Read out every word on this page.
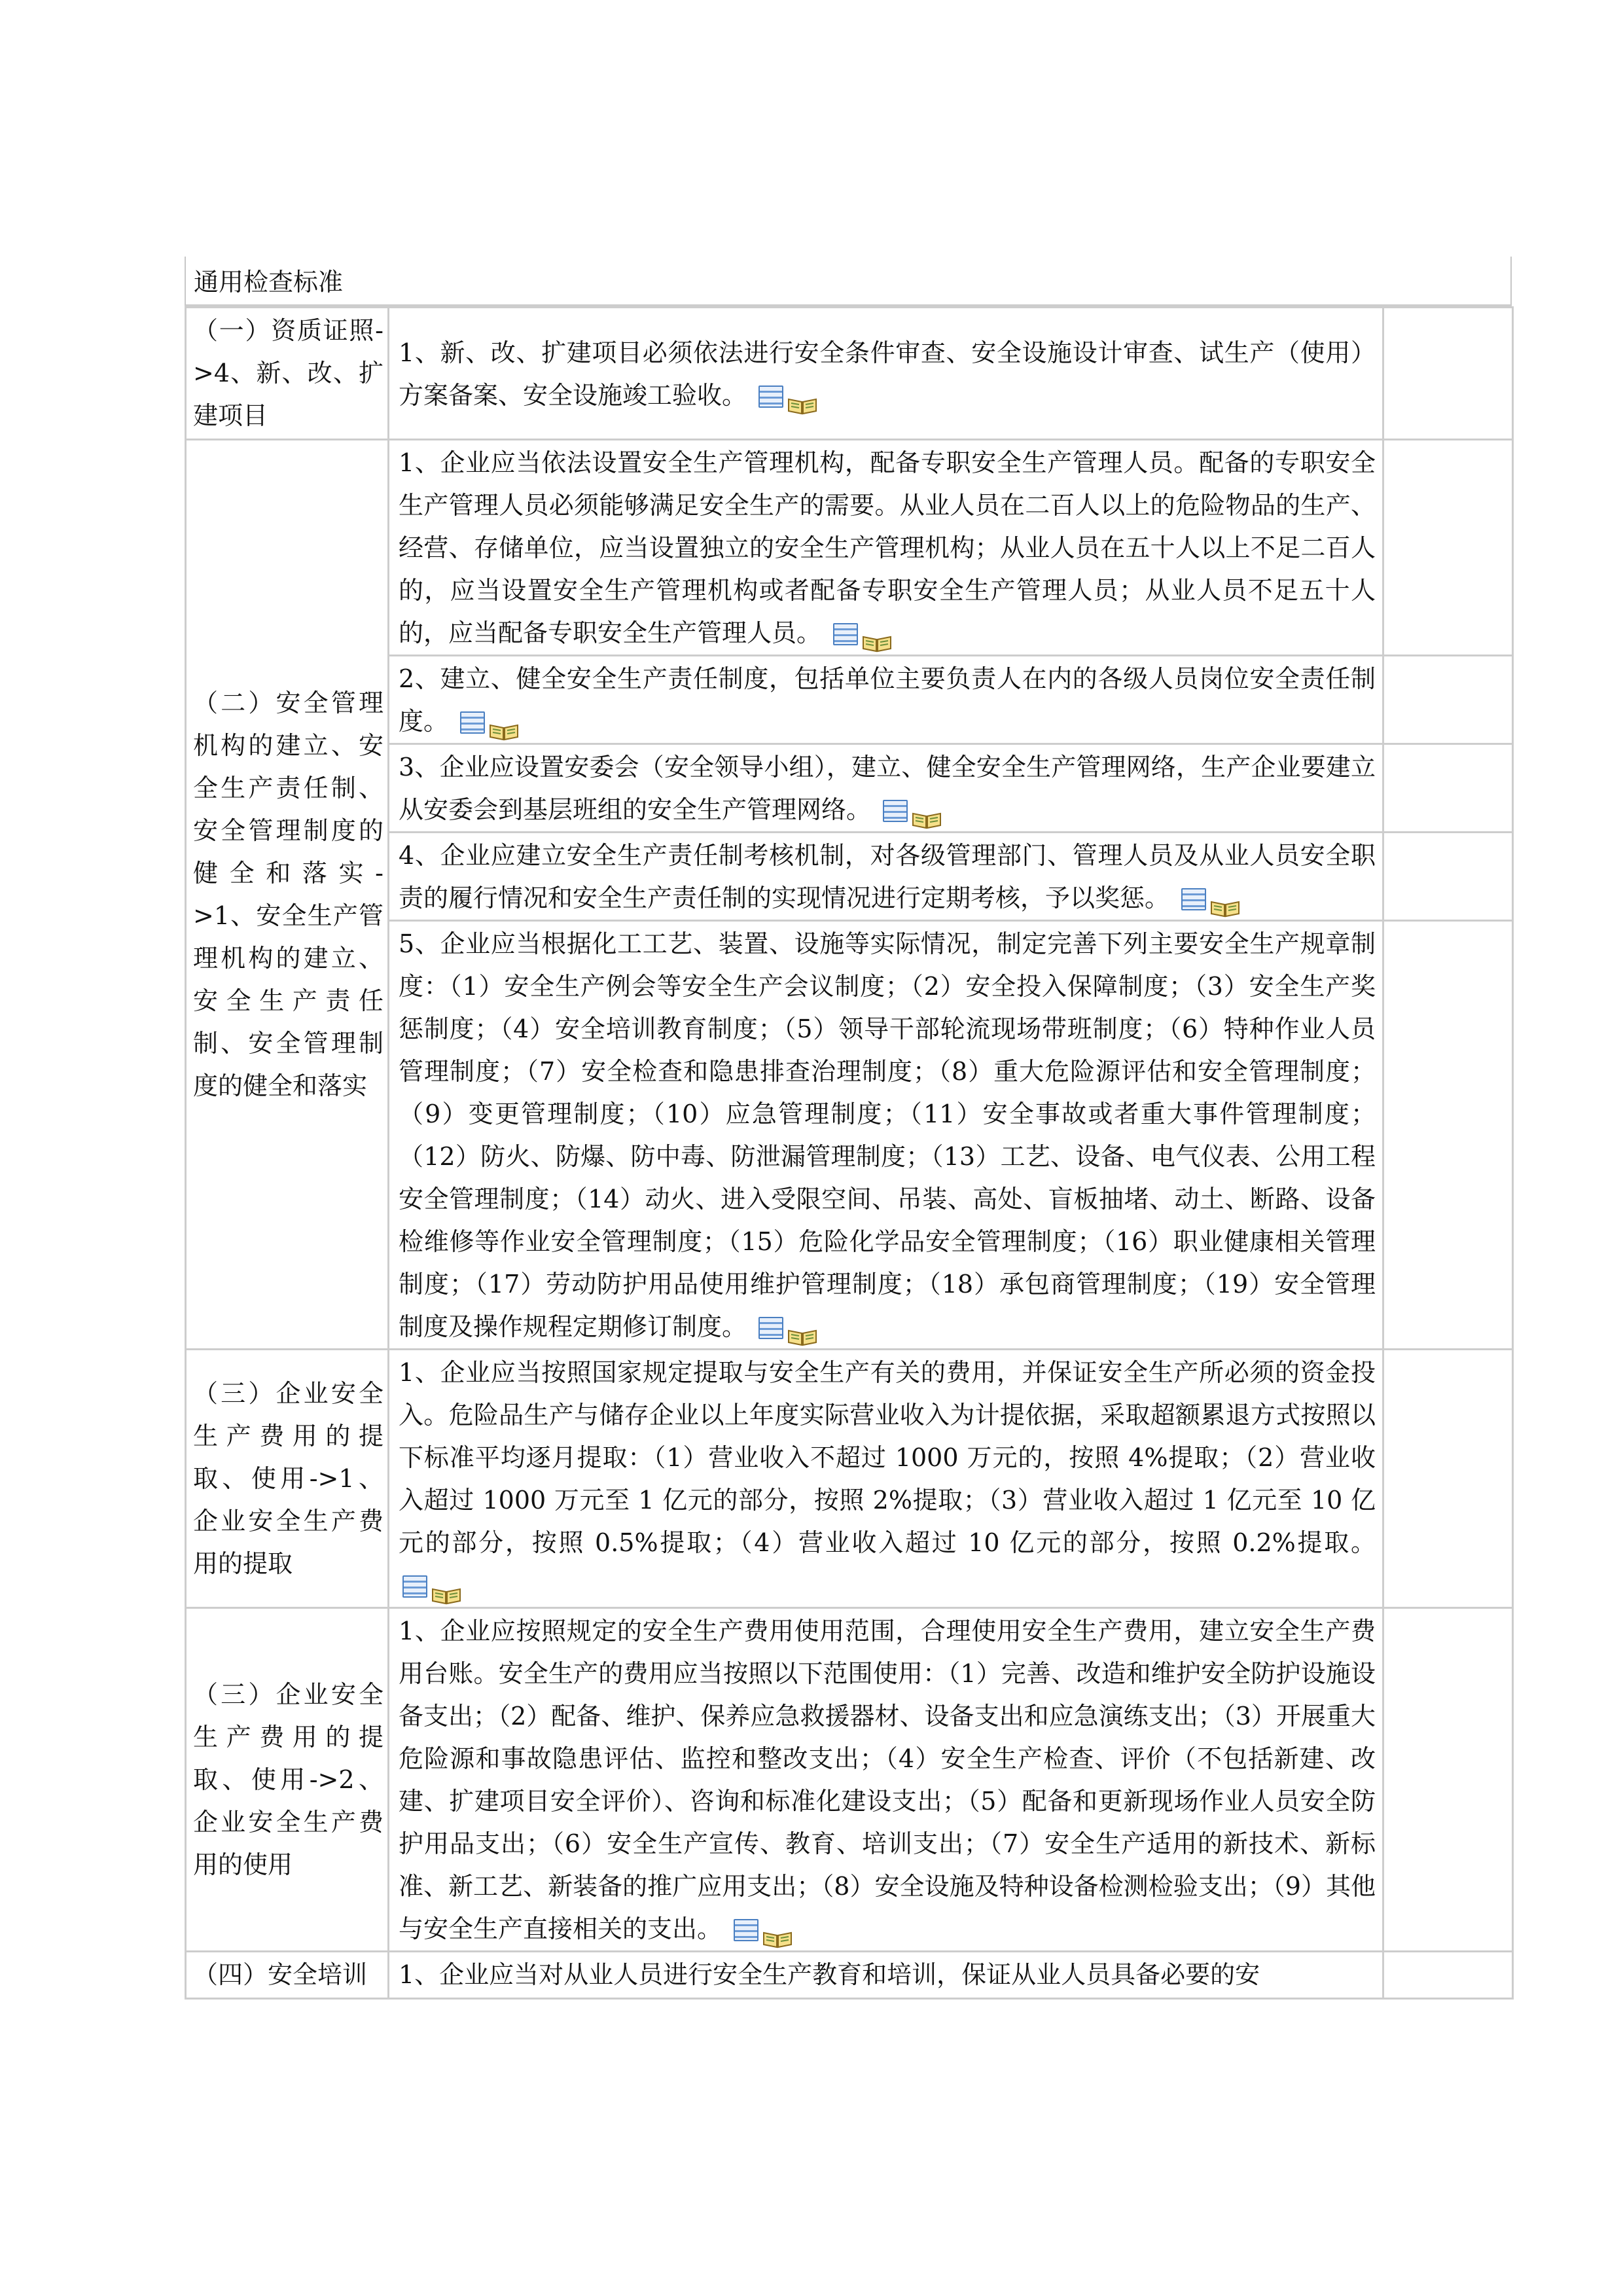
通用检查标准
（一）资质证照->4、新、改、扩建项目	1、新、改、扩建项目必须依法进行安全条件审查、安全设施设计审查、试生产（使用）方案备案、安全设施竣工验收。

（二）安全管理机构的建立、安全生产责任制、安全管理制度的健全和落实->1、安全生产管理机构的建立、安全生产责任制、安全管理制度的健全和落实	1、企业应当依法设置安全生产管理机构，配备专职安全生产管理人员。配备的专职安全生产管理人员必须能够满足安全生产的需要。从业人员在二百人以上的危险物品的生产、经营、存储单位，应当设置独立的安全生产管理机构；从业人员在五十人以上不足二百人的，应当设置安全生产管理机构或者配备专职安全生产管理人员；从业人员不足五十人的，应当配备专职安全生产管理人员。

	2、建立、健全安全生产责任制度，包括单位主要负责人在内的各级人员岗位安全责任制度。

	3、企业应设置安委会（安全领导小组），建立、健全安全生产管理网络，生产企业要建立从安委会到基层班组的安全生产管理网络。

	4、企业应建立安全生产责任制考核机制，对各级管理部门、管理人员及从业人员安全职责的履行情况和安全生产责任制的实现情况进行定期考核，予以奖惩。

	5、企业应当根据化工工艺、装置、设施等实际情况，制定完善下列主要安全生产规章制度：（1）安全生产例会等安全生产会议制度；（2）安全投入保障制度；（3）安全生产奖惩制度；（4）安全培训教育制度；（5）领导干部轮流现场带班制度；（6）特种作业人员管理制度；（7）安全检查和隐患排查治理制度；（8）重大危险源评估和安全管理制度；（9）变更管理制度；（10）应急管理制度；（11）安全事故或者重大事件管理制度；（12）防火、防爆、防中毒、防泄漏管理制度；（13）工艺、设备、电气仪表、公用工程安全管理制度；（14）动火、进入受限空间、吊装、高处、盲板抽堵、动土、断路、设备检维修等作业安全管理制度；（15）危险化学品安全管理制度；（16）职业健康相关管理制度；（17）劳动防护用品使用维护管理制度；（18）承包商管理制度；（19）安全管理制度及操作规程定期修订制度。

（三）企业安全生产费用的提取、使用->1、企业安全生产费用的提取	1、企业应当按照国家规定提取与安全生产有关的费用，并保证安全生产所必须的资金投入。危险品生产与储存企业以上年度实际营业收入为计提依据，采取超额累退方式按照以下标准平均逐月提取：（1）营业收入不超过 1000 万元的，按照 4%提取；（2）营业收入超过 1000 万元至 1 亿元的部分，按照 2%提取；（3）营业收入超过 1 亿元至 10 亿元的部分，按照 0.5%提取；（4）营业收入超过 10 亿元的部分，按照 0.2%提取。

（三）企业安全生产费用的提取、使用->2、企业安全生产费用的使用	1、企业应按照规定的安全生产费用使用范围，合理使用安全生产费用，建立安全生产费用台账。安全生产的费用应当按照以下范围使用：（1）完善、改造和维护安全防护设施设备支出；（2）配备、维护、保养应急救援器材、设备支出和应急演练支出；（3）开展重大危险源和事故隐患评估、监控和整改支出；（4）安全生产检查、评价（不包括新建、改建、扩建项目安全评价）、咨询和标准化建设支出；（5）配备和更新现场作业人员安全防护用品支出；（6）安全生产宣传、教育、培训支出；（7）安全生产适用的新技术、新标准、新工艺、新装备的推广应用支出；（8）安全设施及特种设备检测检验支出；（9）其他与安全生产直接相关的支出。

（四）安全培训	1、企业应当对从业人员进行安全生产教育和培训，保证从业人员具备必要的安	
